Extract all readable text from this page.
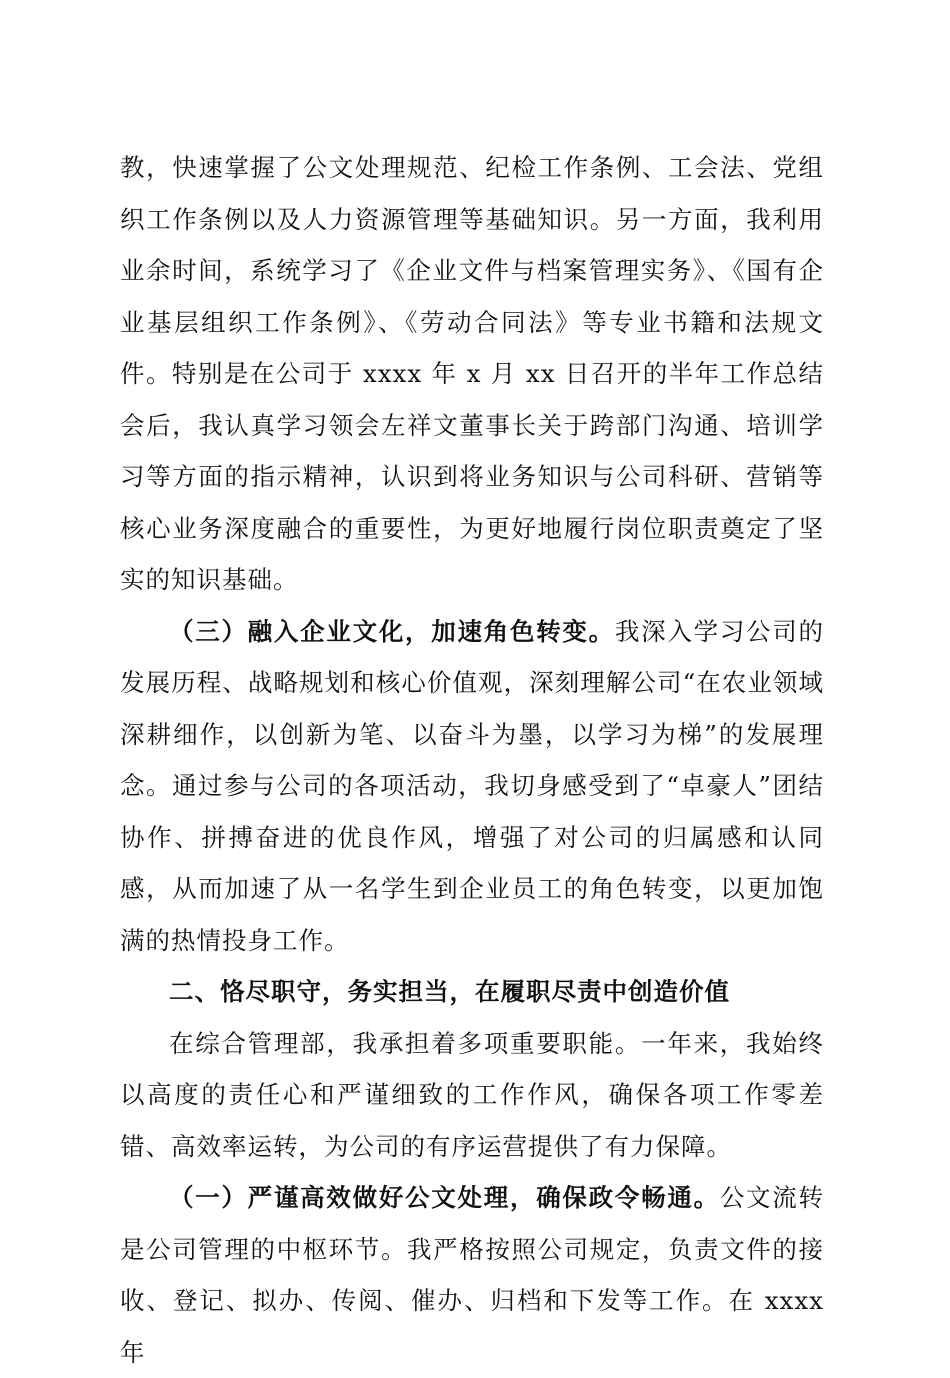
教，快速掌握了公文处理规范、纪检工作条例、工会法、党组织工作条例以及人力资源管理等基础知识。另一方面，我利用业余时间，系统学习了《企业文件与档案管理实务》、《国有企业基层组织工作条例》、《劳动合同法》等专业书籍和法规文件。特别是在公司于 xxxx 年 x 月 xx 日召开的半年工作总结会后，我认真学习领会左祥文董事长关于跨部门沟通、培训学习等方面的指示精神，认识到将业务知识与公司科研、营销等核心业务深度融合的重要性，为更好地履行岗位职责奠定了坚实的知识基础。

（三）融入企业文化，加速角色转变。我深入学习公司的发展历程、战略规划和核心价值观，深刻理解公司“在农业领域深耕细作，以创新为笔、以奋斗为墨，以学习为梯”的发展理念。通过参与公司的各项活动，我切身感受到了“卓豪人”团结协作、拼搏奋进的优良作风，增强了对公司的归属感和认同感，从而加速了从一名学生到企业员工的角色转变，以更加饱满的热情投身工作。

二、恪尽职守，务实担当，在履职尽责中创造价值

在综合管理部，我承担着多项重要职能。一年来，我始终以高度的责任心和严谨细致的工作作风，确保各项工作零差错、高效率运转，为公司的有序运营提供了有力保障。

（一）严谨高效做好公文处理，确保政令畅通。公文流转是公司管理的中枢环节。我严格按照公司规定，负责文件的接收、登记、拟办、传阅、催办、归档和下发等工作。在 xxxx 年
